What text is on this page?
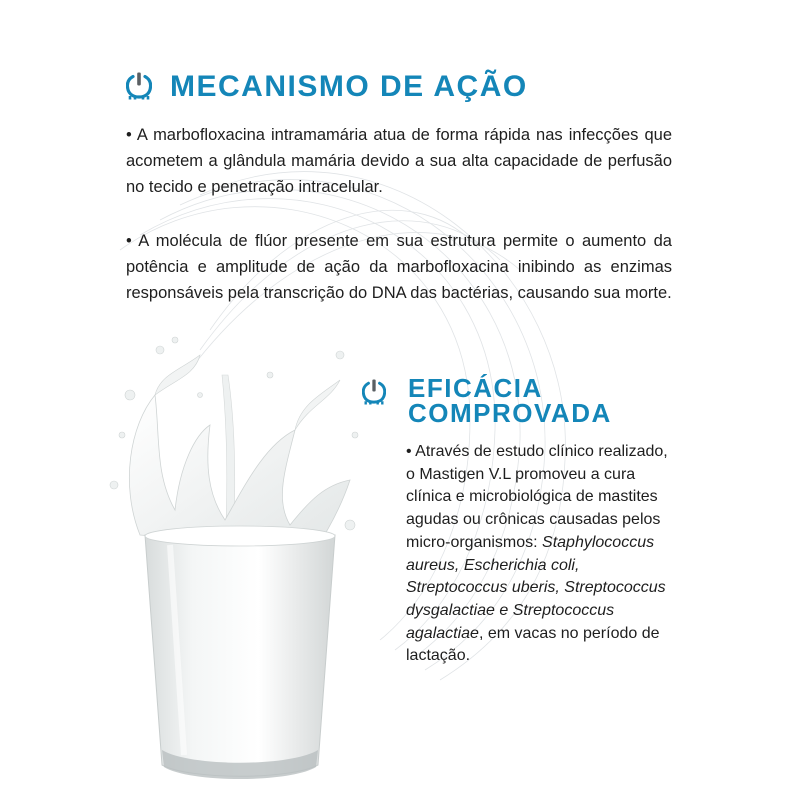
MECANISMO DE AÇÃO

• A marbofloxacina intramamária atua de forma rápida nas infecções que acometem a glândula mamária devido a sua alta capacidade de perfusão no tecido e penetração intracelular.

• A molécula de flúor presente em sua estrutura permite o aumento da potência e amplitude de ação da marbofloxacina inibindo as enzimas responsáveis pela transcrição do DNA das bactérias, causando sua morte.

EFICÁCIA
COMPROVADA

• Através de estudo clínico realizado, o Mastigen V.L promoveu a cura clínica e microbiológica de mastites agudas ou crônicas causadas pelos micro-organismos: Staphylococcus aureus, Escherichia coli, Streptococcus uberis, Streptococcus dysgalactiae e Streptococcus agalactiae, em vacas no período de lactação.
